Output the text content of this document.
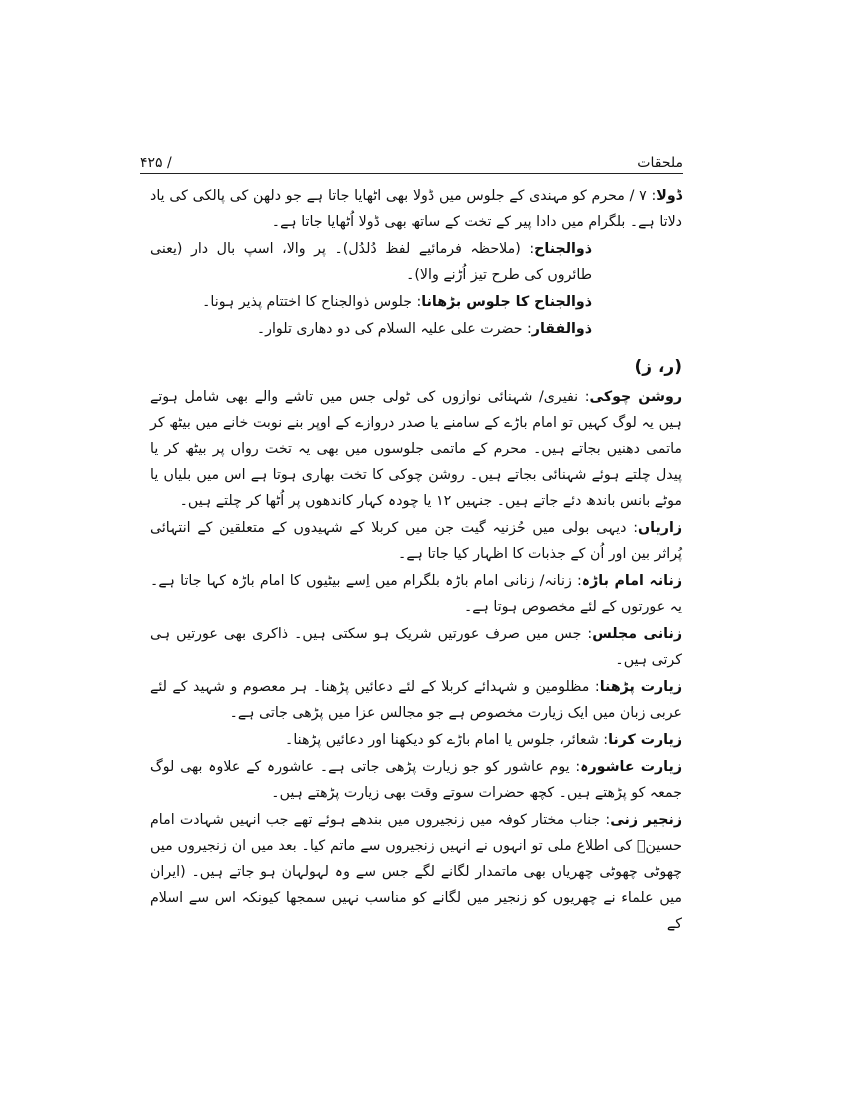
ملحقات
۴۲۵ /

ڈولا: ۷ / محرم کو مہندی کے جلوس میں ڈولا بھی اٹھایا جاتا ہے جو دلھن کی پالکی کی یاد دلاتا ہے۔ بلگرام میں دادا پیر کے تخت کے ساتھ بھی ڈولا اُٹھایا جاتا ہے۔

ذوالجناح: (ملاحظہ فرمائیے لفظ دُلدُل)۔ پر والا، اسپ بال دار (یعنی طائروں کی طرح تیز اُڑنے والا)۔

ذوالجناح کا جلوس بڑھانا: جلوس ذوالجناح کا اختتام پذیر ہونا۔

ذوالفقار: حضرت علی علیہ السلام کی دو دھاری تلوار۔

(ر، ز)

روشن چوکی: نفیری/ شہنائی نوازوں کی ٹولی جس میں تاشے والے بھی شامل ہوتے ہیں یہ لوگ کہیں تو امام باڑے کے سامنے یا صدر دروازے کے اوپر بنے نوبت خانے میں بیٹھ کر ماتمی دھنیں بجاتے ہیں۔ محرم کے ماتمی جلوسوں میں بھی یہ تخت رواں پر بیٹھ کر یا پیدل چلتے ہوئے شہنائی بجاتے ہیں۔ روشن چوکی کا تخت بھاری ہوتا ہے اس میں بلیاں یا موٹے بانس باندھ دئے جاتے ہیں۔ جنہیں ۱۲ یا چودہ کہار کاندھوں پر اُٹھا کر چلتے ہیں۔

زاریاں: دیہی بولی میں حُزنیہ گیت جن میں کربلا کے شہیدوں کے متعلقین کے انتہائی پُراثر بین اور اُن کے جذبات کا اظہار کیا جاتا ہے۔

زنانہ امام باڑہ: زنانہ/ زنانی امام باڑہ بلگرام میں اِسے بیٹیوں کا امام باڑہ کہا جاتا ہے۔ یہ عورتوں کے لئے مخصوص ہوتا ہے۔

زنانی مجلس: جس میں صرف عورتیں شریک ہو سکتی ہیں۔ ذاکری بھی عورتیں ہی کرتی ہیں۔

زیارت پڑھنا: مظلومین و شہدائے کربلا کے لئے دعائیں پڑھنا۔ ہر معصوم و شہید کے لئے عربی زبان میں ایک زیارت مخصوص ہے جو مجالس عزا میں پڑھی جاتی ہے۔

زیارت کرنا: شعائر، جلوس یا امام باڑے کو دیکھنا اور دعائیں پڑھنا۔

زیارت عاشورہ: یوم عاشور کو جو زیارت پڑھی جاتی ہے۔ عاشورہ کے علاوہ بھی لوگ جمعہ کو پڑھتے ہیں۔ کچھ حضرات سوتے وقت بھی زیارت پڑھتے ہیں۔

زنجیر زنی: جناب مختار کوفہ میں زنجیروں میں بندھے ہوئے تھے جب انہیں شہادت امام حسینؑ کی اطلاع ملی تو انہوں نے انہیں زنجیروں سے ماتم کیا۔ بعد میں ان زنجیروں میں چھوٹی چھوٹی چھریاں بھی ماتمدار لگانے لگے جس سے وہ لہولہان ہو جاتے ہیں۔ (ایران میں علماء نے چھریوں کو زنجیر میں لگانے کو مناسب نہیں سمجھا کیونکہ اس سے اسلام کے
